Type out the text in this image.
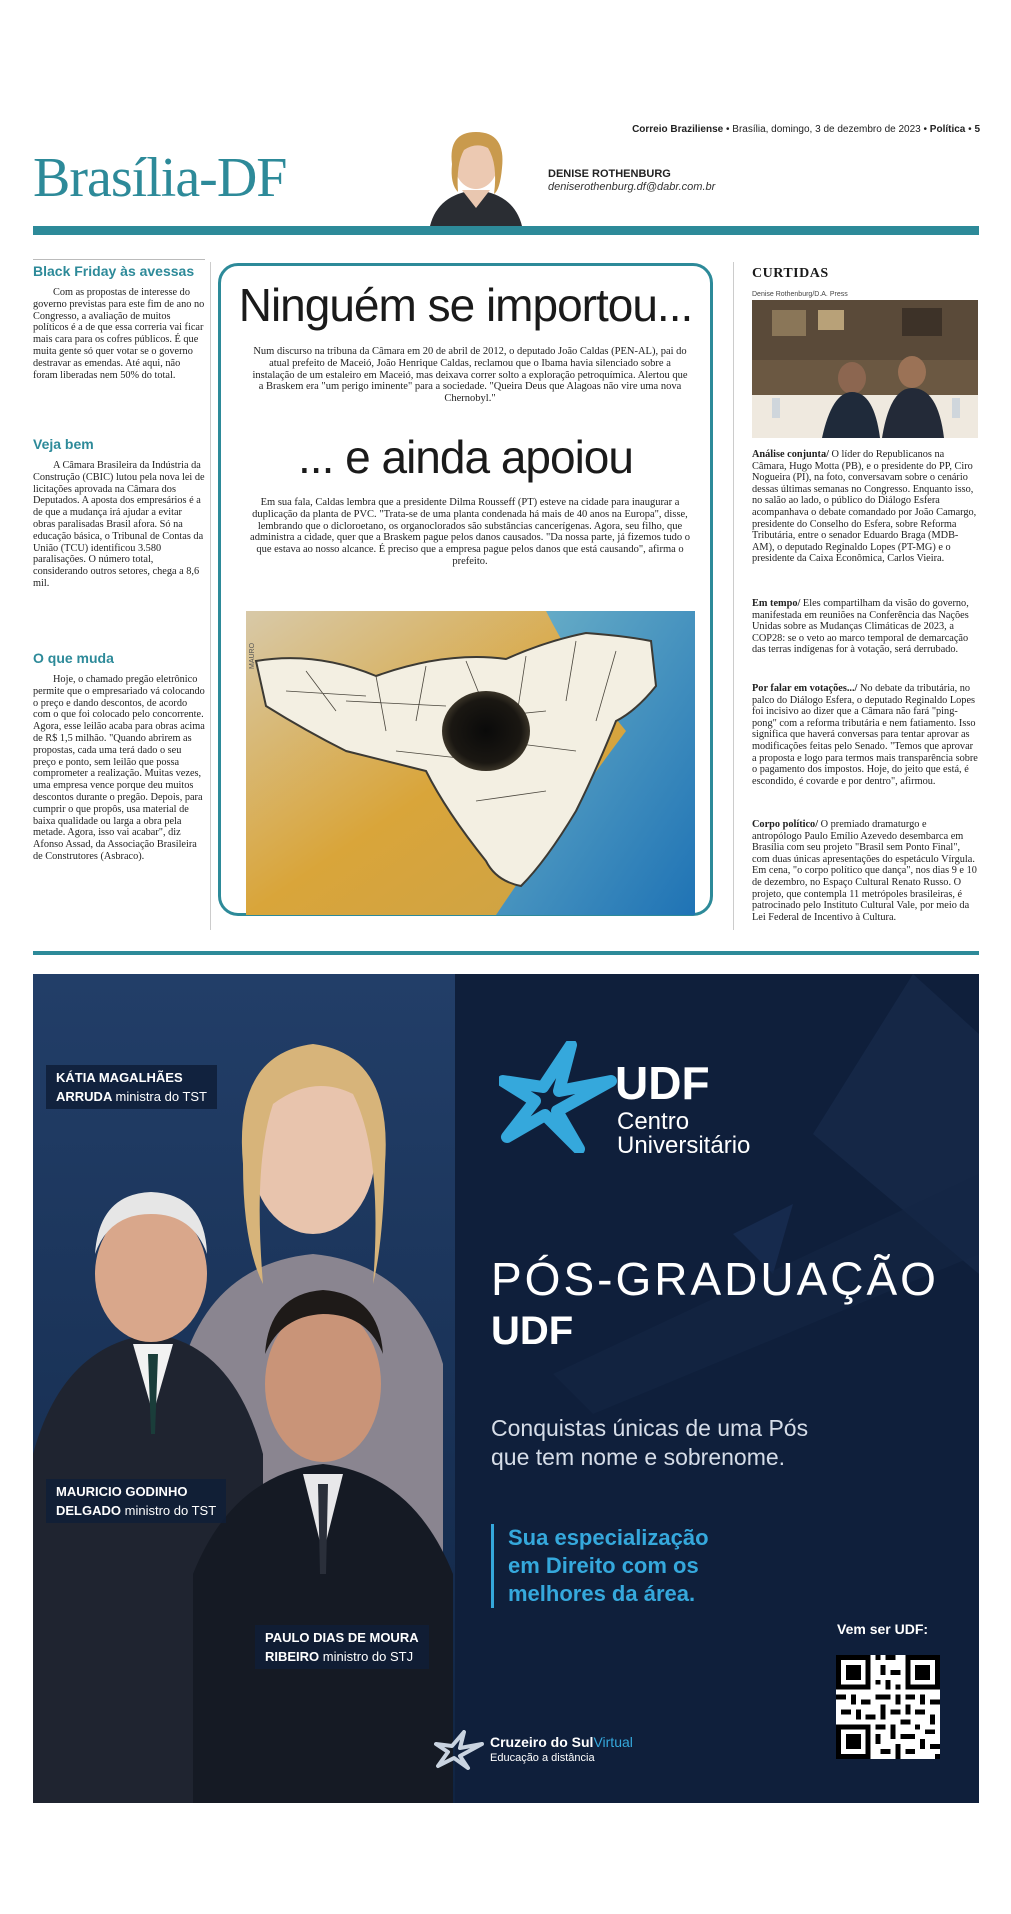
Correio Braziliense • Brasília, domingo, 3 de dezembro de 2023 • Política • 5
Brasília-DF	DENISE ROTHENBURG
deniserothenburg.df@dabr.com.br
Black Friday às avessas

Com as propostas de interesse do governo previstas para este fim de ano no Congresso, a avaliação de muitos políticos é a de que essa correria vai ficar mais cara para os cofres públicos. É que muita gente só quer votar se o governo destravar as emendas. Até aqui, não foram liberadas nem 50% do total.

Veja bem

A Câmara Brasileira da Indústria da Construção (CBIC) lutou pela nova lei de licitações aprovada na Câmara dos Deputados. A aposta dos empresários é a de que a mudança irá ajudar a evitar obras paralisadas Brasil afora. Só na educação básica, o Tribunal de Contas da União (TCU) identificou 3.580 paralisações. O número total, considerando outros setores, chega a 8,6 mil.

O que muda

Hoje, o chamado pregão eletrônico permite que o empresariado vá colocando o preço e dando descontos, de acordo com o que foi colocado pelo concorrente. Agora, esse leilão acaba para obras acima de R$ 1,5 milhão. "Quando abrirem as propostas, cada uma terá dado o seu preço e ponto, sem leilão que possa comprometer a realização. Muitas vezes, uma empresa vence porque deu muitos descontos durante o pregão. Depois, para cumprir o que propôs, usa material de baixa qualidade ou larga a obra pela metade. Agora, isso vai acabar", diz Afonso Assad, da Associação Brasileira de Construtores (Asbraco).

Ninguém se importou...
Num discurso na tribuna da Câmara em 20 de abril de 2012, o deputado João Caldas (PEN-AL), pai do atual prefeito de Maceió, João Henrique Caldas, reclamou que o Ibama havia silenciado sobre a instalação de um estaleiro em Maceió, mas deixava correr solto a exploração petroquímica. Alertou que a Braskem era "um perigo iminente" para a sociedade. "Queira Deus que Alagoas não vire uma nova Chernobyl."
... e ainda apoiou
Em sua fala, Caldas lembra que a presidente Dilma Rousseff (PT) esteve na cidade para inaugurar a duplicação da planta de PVC. "Trata-se de uma planta condenada há mais de 40 anos na Europa", disse, lembrando que o dicloroetano, os organoclorados são substâncias cancerígenas. Agora, seu filho, que administra a cidade, quer que a Braskem pague pelos danos causados. "Da nossa parte, já fizemos tudo o que estava ao nosso alcance. É preciso que a empresa pague pelos danos que está causando", afirma o prefeito.
MAURO
CURTIDAS
Denise Rothenburg/D.A. Press

Análise conjunta/ O líder do Republicanos na Câmara, Hugo Motta (PB), e o presidente do PP, Ciro Nogueira (PI), na foto, conversavam sobre o cenário dessas últimas semanas no Congresso. Enquanto isso, no salão ao lado, o público do Diálogo Esfera acompanhava o debate comandado por João Camargo, presidente do Conselho do Esfera, sobre Reforma Tributária, entre o senador Eduardo Braga (MDB-AM), o deputado Reginaldo Lopes (PT-MG) e o presidente da Caixa Econômica, Carlos Vieira.

Em tempo/ Eles compartilham da visão do governo, manifestada em reuniões na Conferência das Nações Unidas sobre as Mudanças Climáticas de 2023, a COP28: se o veto ao marco temporal de demarcação das terras indígenas for à votação, será derrubado.

Por falar em votações.../ No debate da tributária, no palco do Diálogo Esfera, o deputado Reginaldo Lopes foi incisivo ao dizer que a Câmara não fará "ping-pong" com a reforma tributária e nem fatiamento. Isso significa que haverá conversas para tentar aprovar as modificações feitas pelo Senado. "Temos que aprovar a proposta e logo para termos mais transparência sobre o pagamento dos impostos. Hoje, do jeito que está, é escondido, é covarde e por dentro", afirmou.

Corpo político/ O premiado dramaturgo e antropólogo Paulo Emílio Azevedo desembarca em Brasília com seu projeto "Brasil sem Ponto Final", com duas únicas apresentações do espetáculo Vírgula. Em cena, "o corpo político que dança", nos dias 9 e 10 de dezembro, no Espaço Cultural Renato Russo. O projeto, que contempla 11 metrópoles brasileiras, é patrocinado pelo Instituto Cultural Vale, por meio da Lei Federal de Incentivo à Cultura.

KÁTIA MAGALHÃES
ARRUDA ministra do TST
MAURICIO GODINHO
DELGADO ministro do TST
PAULO DIAS DE MOURA
RIBEIRO ministro do STJ
UDF
Centro
Universitário
PÓS-GRADUAÇÃO
UDF
Conquistas únicas de uma Pós
que tem nome e sobrenome.
Sua especialização
em Direito com os
melhores da área.
Vem ser UDF:
Cruzeiro do SulVirtual
Educação a distância
